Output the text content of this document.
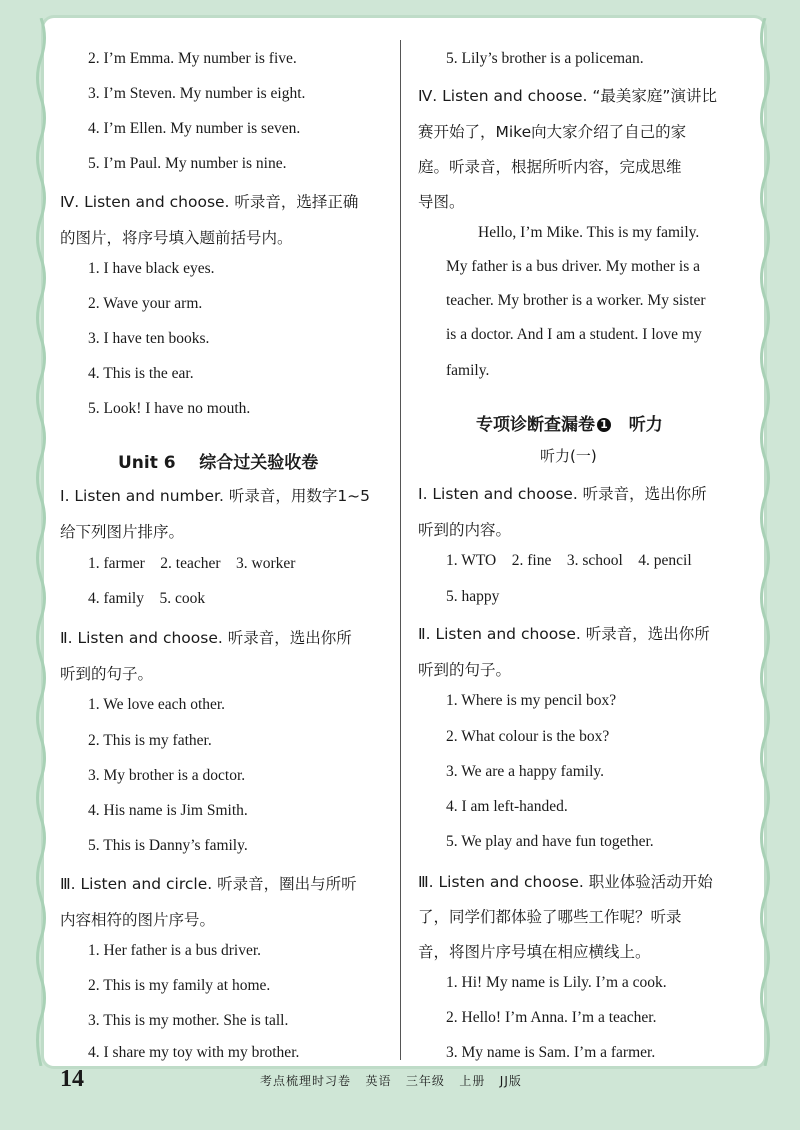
2. I’m Emma. My number is five.
3. I’m Steven. My number is eight.
4. I’m Ellen. My number is seven.
5. I’m Paul. My number is nine.
Ⅳ. Listen and choose. 听录音，选择正确
的图片，将序号填入题前括号内。
1. I have black eyes.
2. Wave your arm.
3. I have ten books.
4. This is the ear.
5. Look! I have no mouth.
Unit 6    综合过关验收卷
Ⅰ. Listen and number. 听录音，用数字1~5
给下列图片排序。
1. farmer    2. teacher    3. worker
4. family    5. cook
Ⅱ. Listen and choose. 听录音，选出你所
听到的句子。
1. We love each other.
2. This is my father.
3. My brother is a doctor.
4. His name is Jim Smith.
5. This is Danny’s family.
Ⅲ. Listen and circle. 听录音，圈出与所听
内容相符的图片序号。
1. Her father is a bus driver.
2. This is my family at home.
3. This is my mother. She is tall.
4. I share my toy with my brother.
5. Lily’s brother is a policeman.
Ⅳ. Listen and choose. “最美家庭”演讲比
赛开始了，Mike向大家介绍了自己的家
庭。听录音，根据所听内容，完成思维
导图。
Hello, I’m Mike. This is my family.
My father is a bus driver. My mother is a
teacher. My brother is a worker. My sister
is a doctor. And I am a student. I love my
family.
专项诊断查漏卷 1 听力
听力(一)
Ⅰ. Listen and choose. 听录音，选出你所
听到的内容。
1. WTO    2. fine    3. school    4. pencil
5. happy
Ⅱ. Listen and choose. 听录音，选出你所
听到的句子。
1. Where is my pencil box?
2. What colour is the box?
3. We are a happy family.
4. I am left-handed.
5. We play and have fun together.
Ⅲ. Listen and choose. 职业体验活动开始
了，同学们都体验了哪些工作呢？听录
音，将图片序号填在相应横线上。
1. Hi! My name is Lily. I’m a cook.
2. Hello! I’m Anna. I’m a teacher.
3. My name is Sam. I’m a farmer.
14	考点梳理时习卷   英语   三年级   上册   JJ版
